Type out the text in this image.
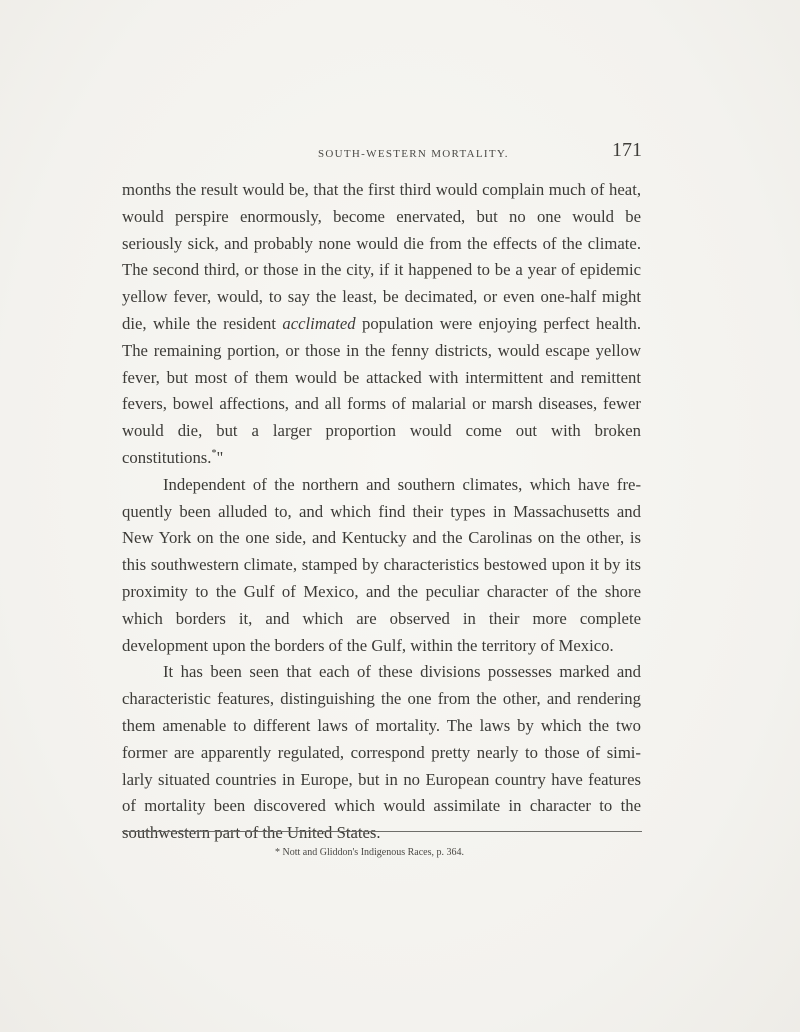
SOUTH-WESTERN MORTALITY.	171

months the result would be, that the first third would complain much of heat, would perspire enormously, become enervated, but no one would be seriously sick, and probably none would die from the effects of the climate. The second third, or those in the city, if it happened to be a year of epidemic yellow fever, would, to say the least, be decimated, or even one-half might die, while the resident acclimated population were enjoying perfect health. The remaining portion, or those in the fenny districts, would escape yellow fever, but most of them would be attacked with intermittent and remittent fevers, bowel affections, and all forms of malarial or marsh diseases, fewer would die, but a larger proportion would come out with broken constitutions.*"

Independent of the northern and southern climates, which have fre- quently been alluded to, and which find their types in Massachusetts and New York on the one side, and Kentucky and the Carolinas on the other, is this southwestern climate, stamped by characteristics bestowed upon it by its proximity to the Gulf of Mexico, and the peculiar character of the shore which borders it, and which are observed in their more complete development upon the borders of the Gulf, within the territory of Mexico.

It has been seen that each of these divisions possesses marked and characteristic features, distinguishing the one from the other, and rendering them amenable to different laws of mortality. The laws by which the two former are apparently regulated, correspond pretty nearly to those of simi- larly situated countries in Europe, but in no European country have features of mortality been discovered which would assimilate in character to the southwestern part of the United States.

* Nott and Gliddon's Indigenous Races, p. 364.
